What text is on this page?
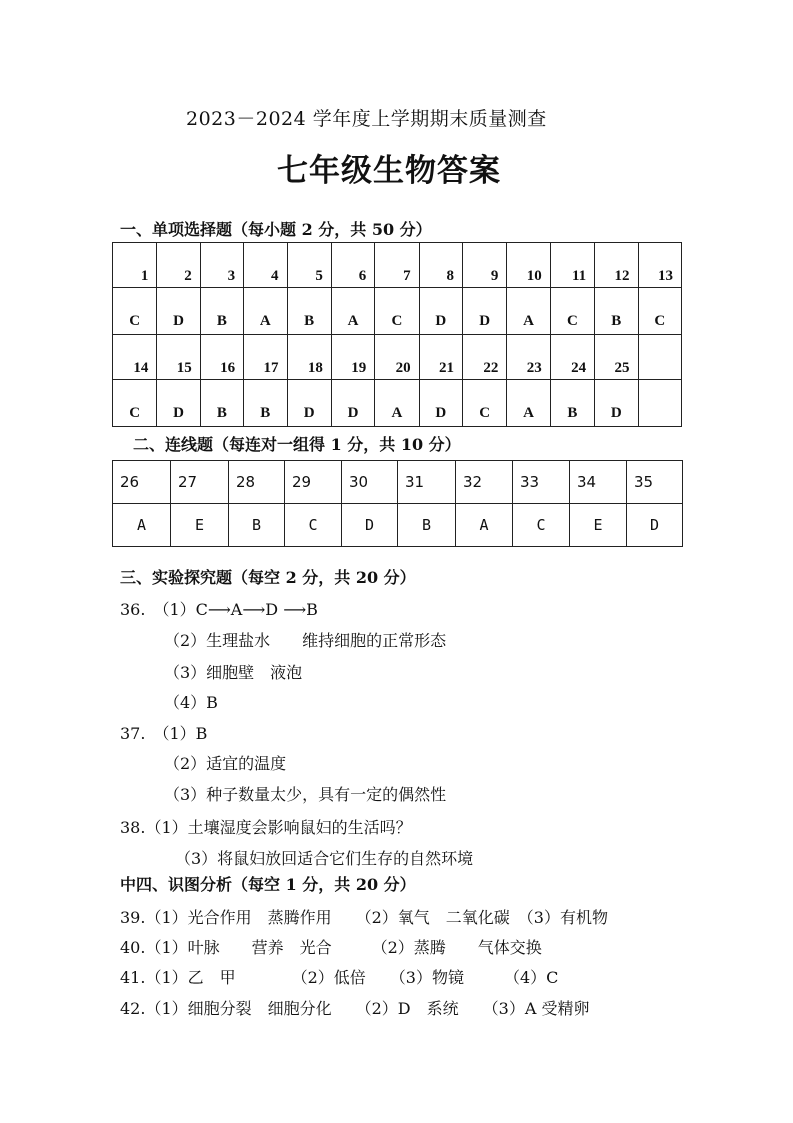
2023－2024 学年度上学期期末质量测查
七年级生物答案
一、单项选择题（每小题 2 分，共 50 分）
1	2	3	4	5	6	7	8	9	10	11	12	13
C	D	B	A	B	A	C	D	D	A	C	B	C
14	15	16	17	18	19	20	21	22	23	24	25	
C	D	B	B	D	D	A	D	C	A	B	D	
二、连线题（每连对一组得 1 分，共 10 分）
26	27	28	29	30	31	32	33	34	35
A	E	B	C	D	B	A	C	E	D
三、实验探究题（每空 2 分，共 20 分）
36.　（1）C⟶A⟶D ⟶B
（2）生理盐水　　维持细胞的正常形态
（3）细胞壁　液泡
（4）B
37.　（1）B
（2）适宜的温度
（3）种子数量太少，具有一定的偶然性
38.（1）土壤湿度会影响鼠妇的生活吗？
（3）将鼠妇放回适合它们生存的自然环境
中四、识图分析（每空 1 分，共 20 分）
39.（1）光合作用　蒸腾作用　　（2）氧气　二氧化碳　（3）有机物
40.（1）叶脉　　营养　光合　　　（2）蒸腾　　气体交换
41.（1）乙　甲　　　　（2）低倍　　（3）物镜　　　（4）C
42.（1）细胞分裂　细胞分化　　（2）D　系统　　（3）A 受精卵
